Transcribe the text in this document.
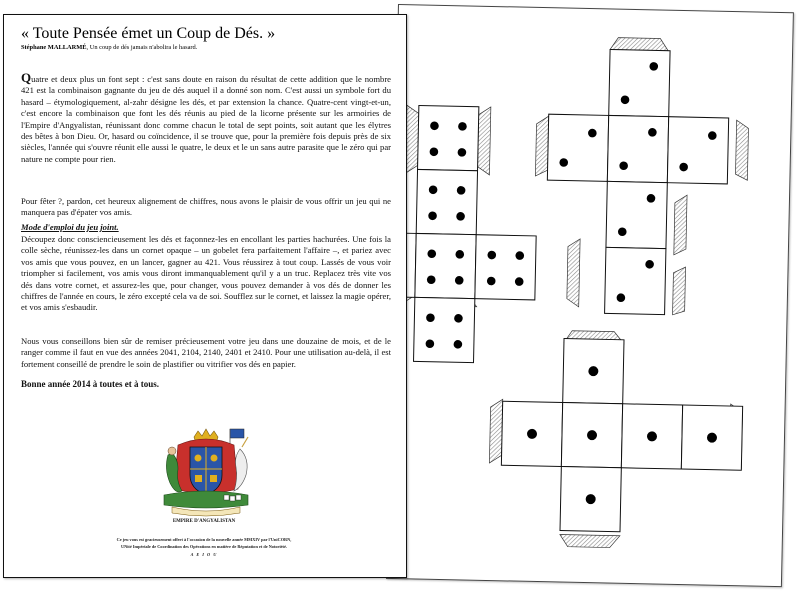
« Toute Pensée émet un Coup de Dés. »
Stéphane MALLARMÉ, Un coup de dés jamais n'abolira le hasard.

Quatre et deux plus un font sept : c'est sans doute en raison du résultat de cette addition que le nombre 421 est la combinaison gagnante du jeu de dés auquel il a donné son nom. C'est aussi un symbole fort du hasard – étymologiquement, al-zahr désigne les dés, et par extension la chance. Quatre-cent vingt-et-un, c'est encore la combinaison que font les dés réunis au pied de la licorne présente sur les armoiries de l'Empire d'Angyalistan, réunissant donc comme chacun le total de sept points, soit autant que les élytres des bêtes à bon Dieu. Or, hasard ou coïncidence, il se trouve que, pour la première fois depuis près de six siècles, l'année qui s'ouvre réunit elle aussi le quatre, le deux et le un sans autre parasite que le zéro qui par nature ne compte pour rien.

Pour fêter ?, pardon, cet heureux alignement de chiffres, nous avons le plaisir de vous offrir un jeu qui ne manquera pas d'épater vos amis.

Mode d'emploi du jeu joint.

Découpez donc consciencieusement les dés et façonnez-les en encollant les parties hachurées. Une fois la colle sèche, réunissez-les dans un cornet opaque – un gobelet fera parfaitement l'affaire –, et pariez avec vos amis que vous pouvez, en un lancer, gagner au 421. Vous réussirez à tout coup. Lassés de vous voir triompher si facilement, vos amis vous diront immanquablement qu'il y a un truc. Replacez très vite vos dés dans votre cornet, et assurez-les que, pour changer, vous pouvez demander à vos dés de donner les chiffres de l'année en cours, le zéro excepté cela va de soi. Soufflez sur le cornet, et laissez la magie opérer, et vos amis s'esbaudir.

Nous vous conseillons bien sûr de remiser précieusement votre jeu dans une douzaine de mois, et de le ranger comme il faut en vue des années 2041, 2104, 2140, 2401 et 2410. Pour une utilisation au-delà, il est fortement conseillé de prendre le soin de plastifier ou vitrifier vos dés en papier.

Bonne année 2014 à toutes et à tous.
EMPIRE D'ANGYALISTAN
Ce jeu vous est gracieusement offert à l'occasion de la nouvelle année MMXIV par l'UniCORN,
UNité Impériale de Coordination des Opérations en matière de Réputation et de Notoriété.
A E I O U
